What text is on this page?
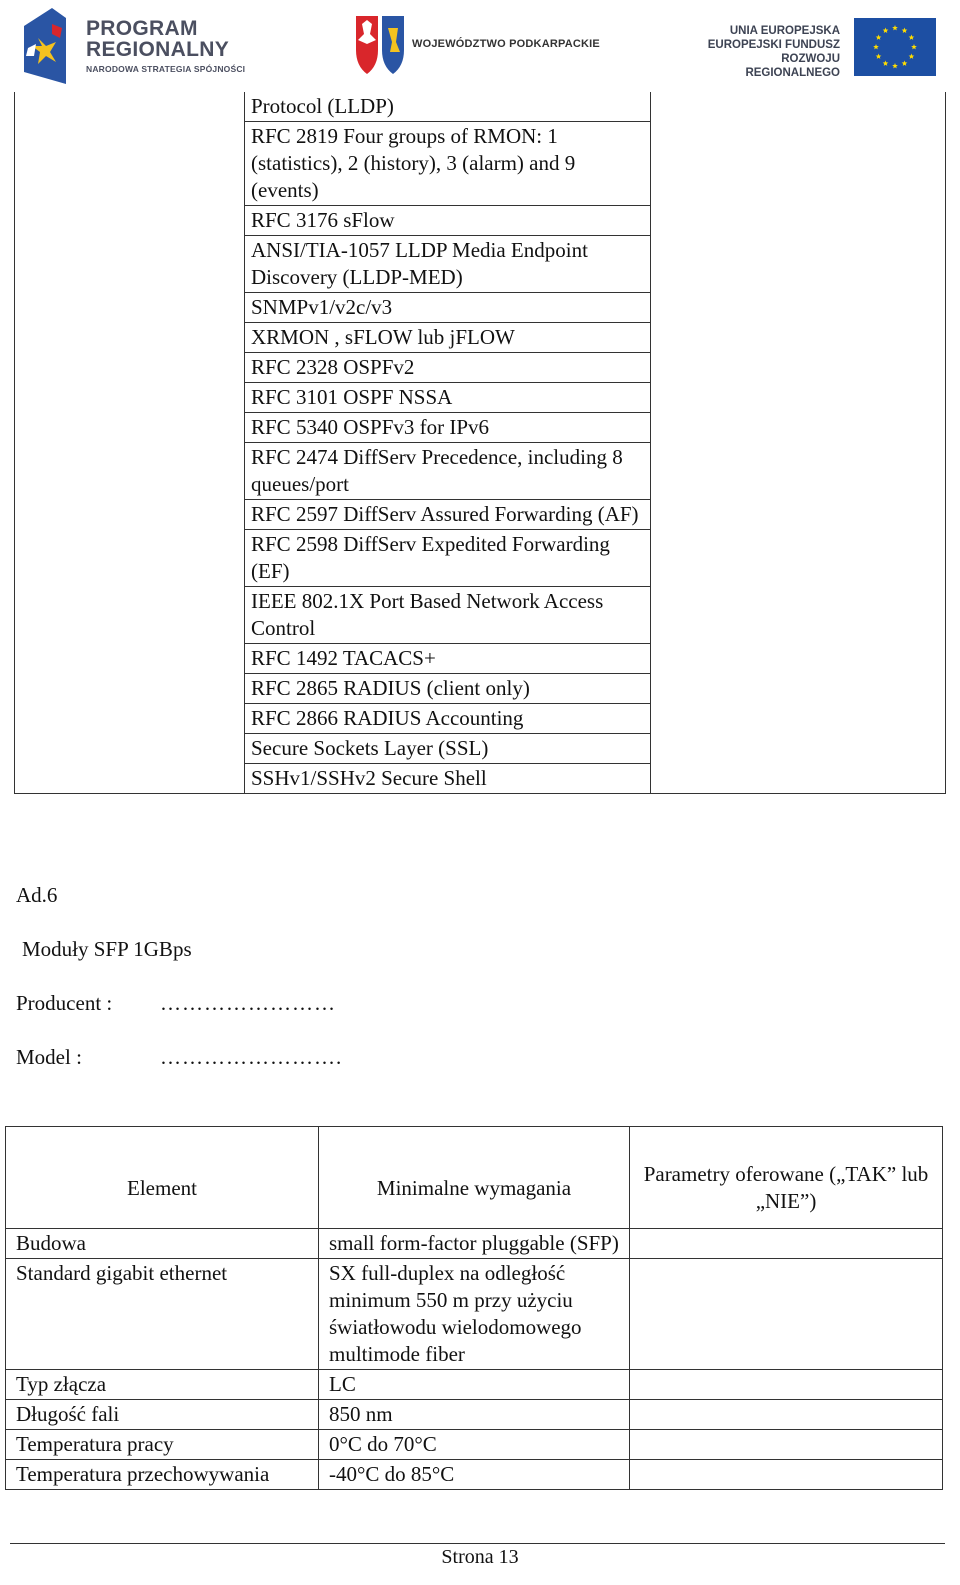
PROGRAM
REGIONALNY
NARODOWA STRATEGIA SPÓJNOŚCI
WOJEWÓDZTWO PODKARPACKIE
UNIA EUROPEJSKA
EUROPEJSKI FUNDUSZ
ROZWOJU REGIONALNEGO
	Protocol (LLDP)	
RFC 2819 Four groups of RMON: 1 (statistics), 2 (history), 3 (alarm) and 9 (events)
RFC 3176 sFlow
ANSI/TIA-1057 LLDP Media Endpoint Discovery (LLDP-MED)
SNMPv1/v2c/v3
XRMON , sFLOW lub jFLOW
RFC 2328 OSPFv2
RFC 3101 OSPF NSSA
RFC 5340 OSPFv3 for IPv6
RFC 2474 DiffServ Precedence, including 8 queues/port
RFC 2597 DiffServ Assured Forwarding (AF)
RFC 2598 DiffServ Expedited Forwarding (EF)
IEEE 802.1X Port Based Network Access Control
RFC 1492 TACACS+
RFC 2865 RADIUS (client only)
RFC 2866 RADIUS Accounting
Secure Sockets Layer (SSL)
SSHv1/SSHv2 Secure Shell
Ad.6
Moduły SFP 1GBps
Producent : ……………………
Model :	…………………….
Element	Minimalne wymagania	Parametry oferowane („TAK” lub „NIE”)
Budowa	small form-factor pluggable (SFP)	
Standard gigabit ethernet	SX full-duplex na odległość minimum 550 m przy użyciu światłowodu wielodomowego multimode fiber	
Typ złącza	LC	
Długość fali	850 nm	
Temperatura pracy	0°C do 70°C	
Temperatura przechowywania	-40°C do 85°C	
Strona 13
